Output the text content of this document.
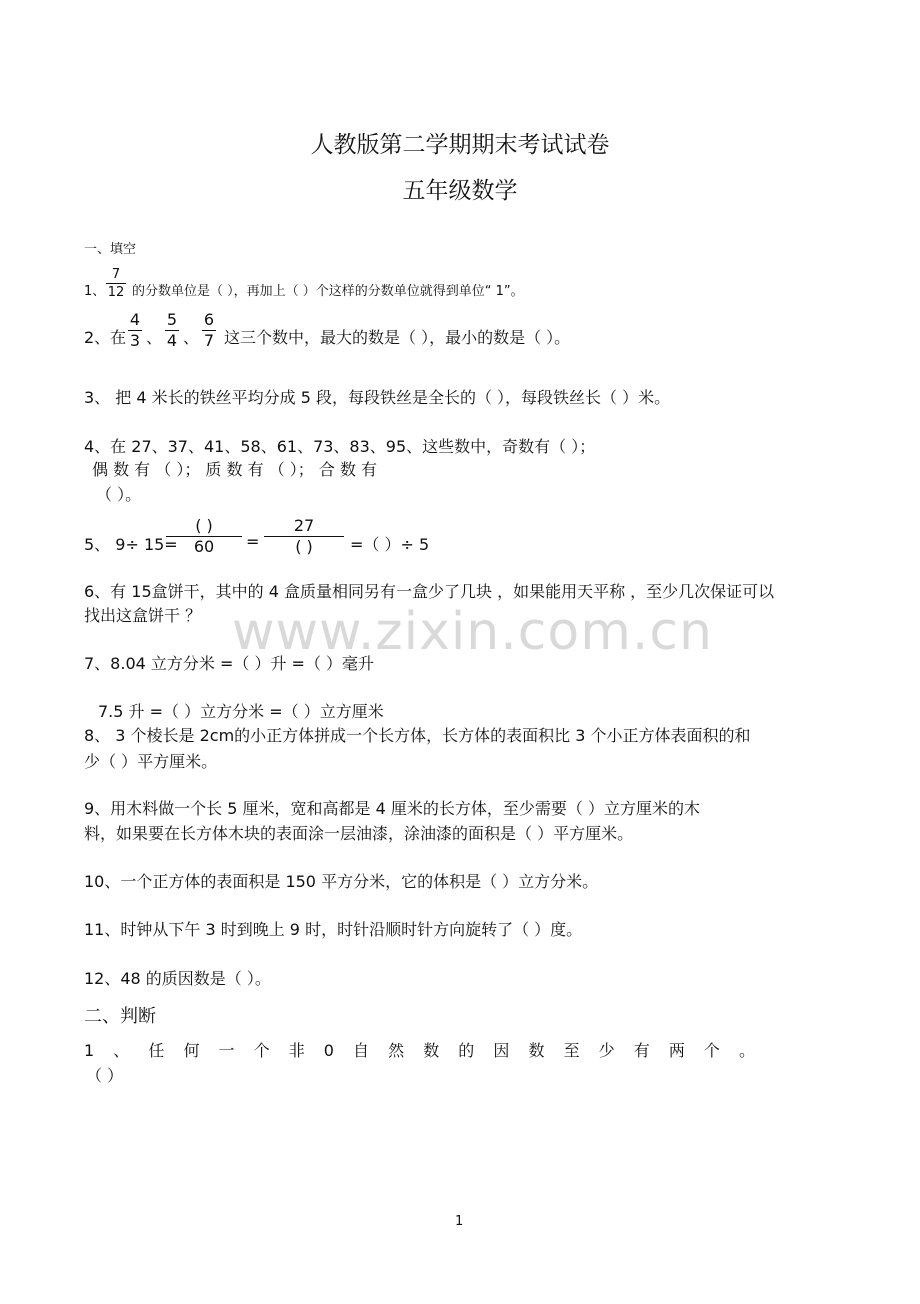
www.zixin.com.cn
人教版第二学期期末考试试卷
五年级数学
一、填空
1、
7
12 的分数单位是（ ），再加上（ ）个这样的分数单位就得到单位“ 1”。
2、在
4
3 、
5
4 、
6
7 这三个数中，最大的数是（ ），最小的数是（ ）。
3、 把 4 米长的铁丝平均分成 5 段，每段铁丝是全长的（ ），每段铁丝长（ ）米。
4、在 27、37、41、58、61、73、83、95、这些数中，奇数有（ ）；
偶 数 有 （ ）； 质 数 有 （ ）； 合 数 有
（ ）。
5、 9÷ 15=
( )
60	=
27
( )	=（ ）÷ 5
6、有 15盒饼干，其中的 4 盒质量相同另有一盒少了几块 ，如果能用天平称 ，至少几次保证可以
找出这盒饼干 ？
7、8.04 立方分米 =（ ）升 =（ ）毫升
7.5 升 =（ ）立方分米 =（ ）立方厘米
8、 3 个棱长是 2cm的小正方体拼成一个长方体，长方体的表面积比 3 个小正方体表面积的和
少（ ）平方厘米。
9、用木料做一个长 5 厘米，宽和高都是 4 厘米的长方体，至少需要（ ）立方厘米的木
料，如果要在长方体木块的表面涂一层油漆，涂油漆的面积是（ ）平方厘米。
10、一个正方体的表面积是 150 平方分米，它的体积是（ ）立方分米。
11、时钟从下午 3 时到晚上 9 时，时针沿顺时针方向旋转了（ ）度。
12、48 的质因数是（ ）。
二、判断
1 、 任 何 一 个 非 0 自 然 数 的 因 数 至 少 有 两 个 。
（ ）
1
